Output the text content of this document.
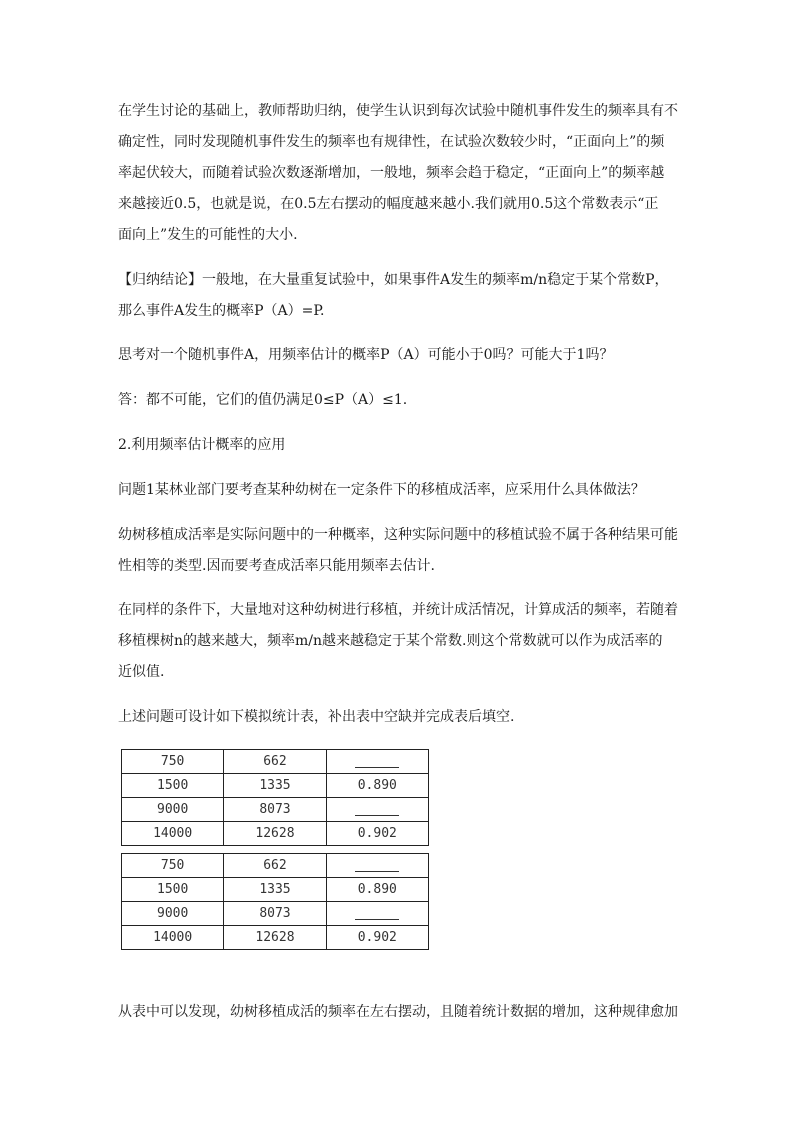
在学生讨论的基础上，教师帮助归纳，使学生认识到每次试验中随机事件发生的频率具有不
确定性，同时发现随机事件发生的频率也有规律性，在试验次数较少时，“正面向上”的频
率起伏较大，而随着试验次数逐渐增加，一般地，频率会趋于稳定，“正面向上”的频率越
来越接近0.5，也就是说，在0.5左右摆动的幅度越来越小.我们就用0.5这个常数表示“正
面向上”发生的可能性的大小.

【归纳结论】一般地，在大量重复试验中，如果事件A发生的频率m/n稳定于某个常数P，
那么事件A发生的概率P（A）=P.

思考对一个随机事件A，用频率估计的概率P（A）可能小于0吗？可能大于1吗？

答：都不可能，它们的值仍满足0≤P（A）≤1.

2.利用频率估计概率的应用

问题1某林业部门要考查某种幼树在一定条件下的移植成活率，应采用什么具体做法？

幼树移植成活率是实际问题中的一种概率，这种实际问题中的移植试验不属于各种结果可能
性相等的类型.因而要考查成活率只能用频率去估计.

在同样的条件下，大量地对这种幼树进行移植，并统计成活情况，计算成活的频率，若随着
移植棵树n的越来越大，频率m/n越来越稳定于某个常数.则这个常数就可以作为成活率的
近似值.

上述问题可设计如下模拟统计表，补出表中空缺并完成表后填空.

750	662	
1500	1335	0.890
9000	8073	
14000	12628	0.902
750	662	
1500	1335	0.890
9000	8073	
14000	12628	0.902

从表中可以发现，幼树移植成活的频率在左右摆动，且随着统计数据的增加，这种规律愈加
